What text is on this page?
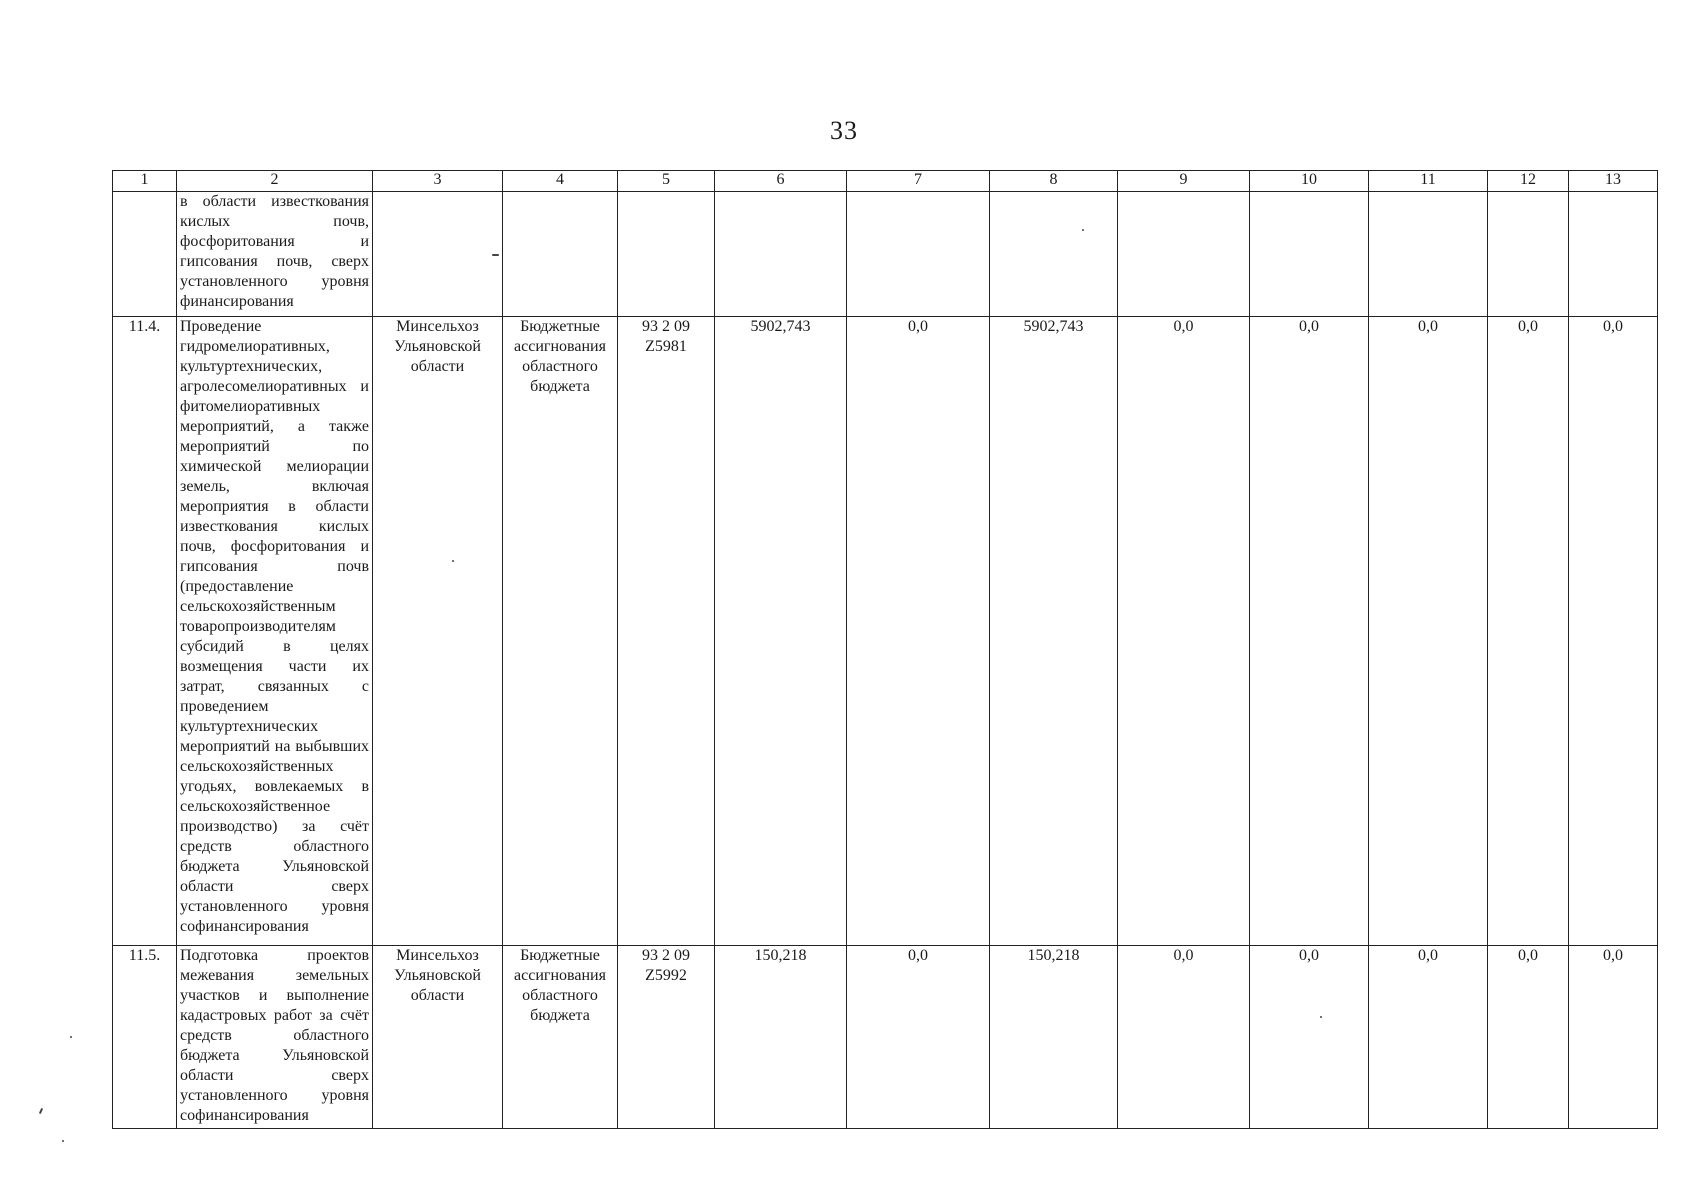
33
1	2	3	4	5	6	7	8	9	10	11	12	13
	в области известкования кислых почв, фосфоритования и гипсования почв, сверх установленного уровня финансирования											
11.4.	Проведение гидромелиоративных, культуртехнических, агролесомелиоративных и фитомелиоративных мероприятий, а также мероприятий по химической мелиорации земель, включая мероприятия в области известкования кислых почв, фосфоритования и гипсования почв (предоставление сельскохозяйственным товаропроизводителям субсидий в целях возмещения части их затрат, связанных с проведением культуртехнических мероприятий на выбывших сельскохозяйственных угодьях, вовлекаемых в сельскохозяйственное производство) за счёт средств областного бюджета Ульяновской области сверх установленного уровня софинансирования	Минсельхоз Ульяновской области	Бюджетные ассигнования областного бюджета	93 2 09 Z5981	5902,743	0,0	5902,743	0,0	0,0	0,0	0,0	0,0
11.5.	Подготовка проектов межевания земельных участков и выполнение кадастровых работ за счёт средств областного бюджета Ульяновской области сверх установленного уровня софинансирования	Минсельхоз Ульяновской области	Бюджетные ассигнования областного бюджета	93 2 09 Z5992	150,218	0,0	150,218	0,0	0,0	0,0	0,0	0,0
